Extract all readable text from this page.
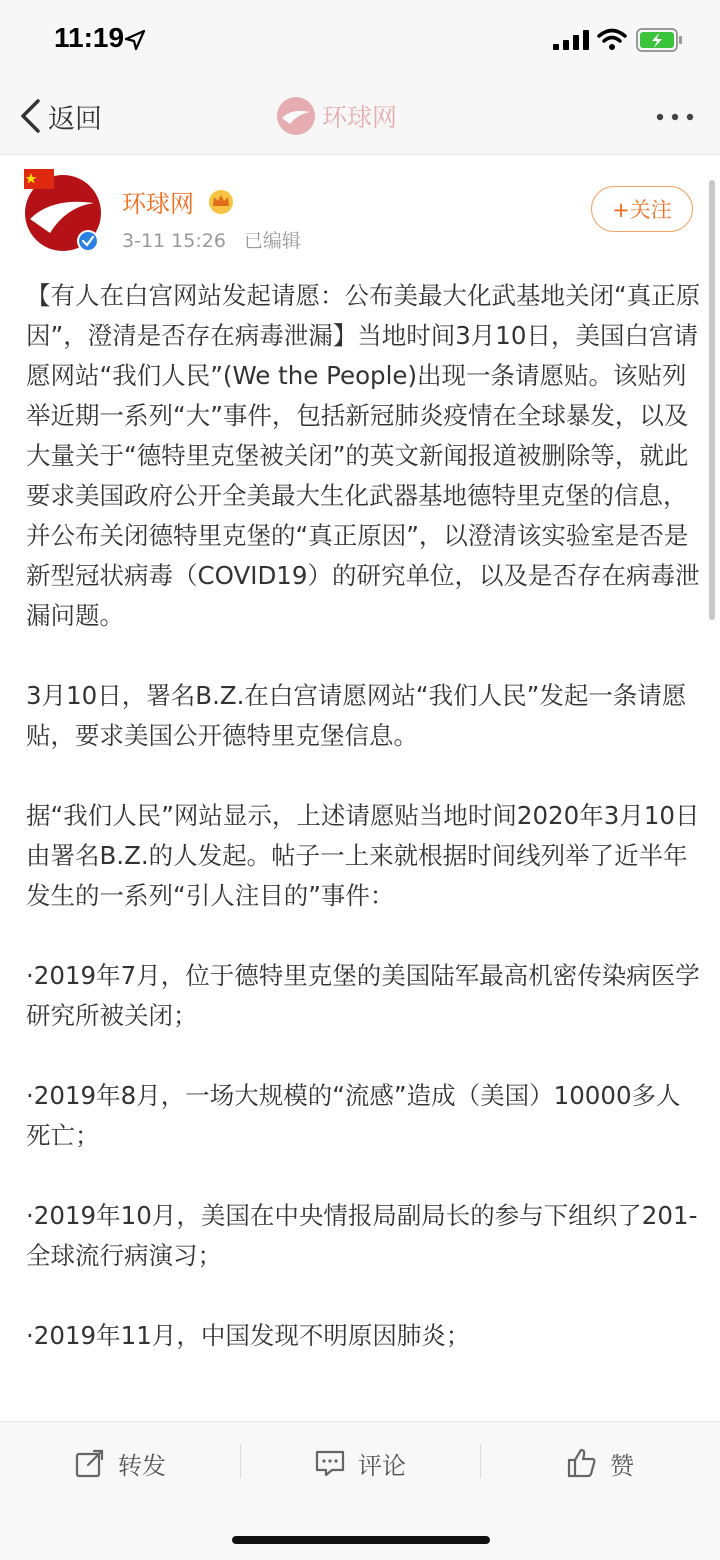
11:19
返回	环球网
环球网
3-11 15:26 已编辑
+关注

【有人在白宫网站发起请愿：公布美最大化武基地关闭“真正原因”，澄清是否存在病毒泄漏】当地时间3月10日，美国白宫请愿网站“我们人民”(We the People)出现一条请愿贴。该贴列举近期一系列“大”事件，包括新冠肺炎疫情在全球暴发，以及大量关于“德特里克堡被关闭”的英文新闻报道被删除等，就此要求美国政府公开全美最大生化武器基地德特里克堡的信息，并公布关闭德特里克堡的“真正原因”，以澄清该实验室是否是新型冠状病毒（COVID19）的研究单位，以及是否存在病毒泄漏问题。

3月10日，署名B.Z.在白宫请愿网站“我们人民”发起一条请愿贴，要求美国公开德特里克堡信息。

据“我们人民”网站显示，上述请愿贴当地时间2020年3月10日由署名B.Z.的人发起。帖子一上来就根据时间线列举了近半年发生的一系列“引人注目的”事件：

·2019年7月，位于德特里克堡的美国陆军最高机密传染病医学研究所被关闭；

·2019年8月，一场大规模的“流感”造成（美国）10000多人死亡；

·2019年10月，美国在中央情报局副局长的参与下组织了201-全球流行病演习；

·2019年11月，中国发现不明原因肺炎；

转发	评论	赞
